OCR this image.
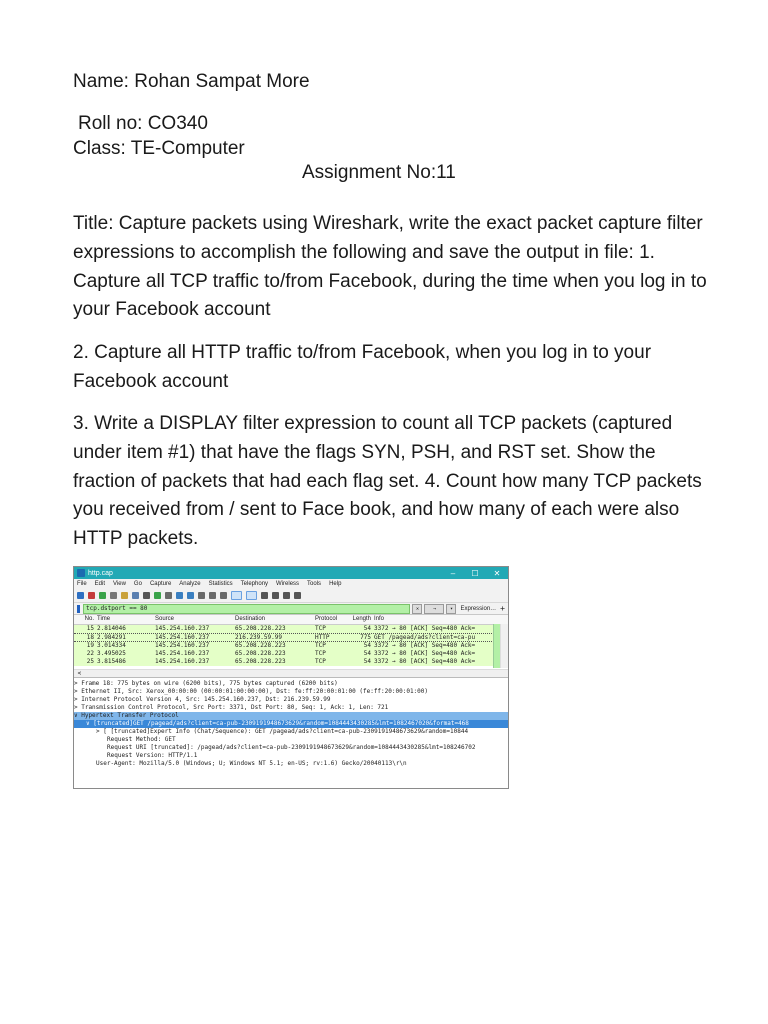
Name: Rohan Sampat More
Roll no: CO340
Class: TE-Computer
Assignment No:11
Title: Capture packets using Wireshark, write the exact packet capture filter expressions to accomplish the following and save the output in file: 1. Capture all TCP traffic to/from Facebook, during the time when you log in to your Facebook account
2. Capture all HTTP traffic to/from Facebook, when you log in to your Facebook account
3. Write a DISPLAY filter expression to count all TCP packets (captured under item #1) that have the flags SYN, PSH, and RST set. Show the fraction of packets that had each flag set. 4. Count how many TCP packets you received from / sent to Face book, and how many of each were also HTTP packets.
http.cap	–	☐	✕
File Edit View Go Capture Analyze Statistics Telephony Wireless Tools Help
tcp.dstport == 80	✕	→	▾	Expression… +
No. Time	Source	Destination	Protocol	Length Info
15 2.814046	145.254.160.237	65.208.228.223	TCP	54 3372 → 80 [ACK] Seq=480 Ack=
18 2.984291	145.254.160.237	216.239.59.99	HTTP	775 GET /pagead/ads?client=ca-pu
19 3.014334	145.254.160.237	65.208.228.223	TCP	54 3372 → 80 [ACK] Seq=480 Ack=
22 3.495025	145.254.160.237	65.208.228.223	TCP	54 3372 → 80 [ACK] Seq=480 Ack=
25 3.815486	145.254.160.237	65.208.228.223	TCP	54 3372 → 80 [ACK] Seq=480 Ack=
<
> Frame 18: 775 bytes on wire (6200 bits), 775 bytes captured (6200 bits)
> Ethernet II, Src: Xerox_00:00:00 (00:00:01:00:00:00), Dst: fe:ff:20:00:01:00 (fe:ff:20:00:01:00)
> Internet Protocol Version 4, Src: 145.254.160.237, Dst: 216.239.59.99
> Transmission Control Protocol, Src Port: 3371, Dst Port: 80, Seq: 1, Ack: 1, Len: 721
∨ Hypertext Transfer Protocol
∨ [truncated]GET /pagead/ads?client=ca-pub-2309191948673629&random=1084443430285&lmt=1082467020&format=468
> [ [truncated]Expert Info (Chat/Sequence): GET /pagead/ads?client=ca-pub-2309191948673629&random=10844
Request Method: GET
Request URI [truncated]: /pagead/ads?client=ca-pub-2309191948673629&random=1084443430285&lmt=108246702
Request Version: HTTP/1.1
User-Agent: Mozilla/5.0 (Windows; U; Windows NT 5.1; en-US; rv:1.6) Gecko/20040113\r\n
